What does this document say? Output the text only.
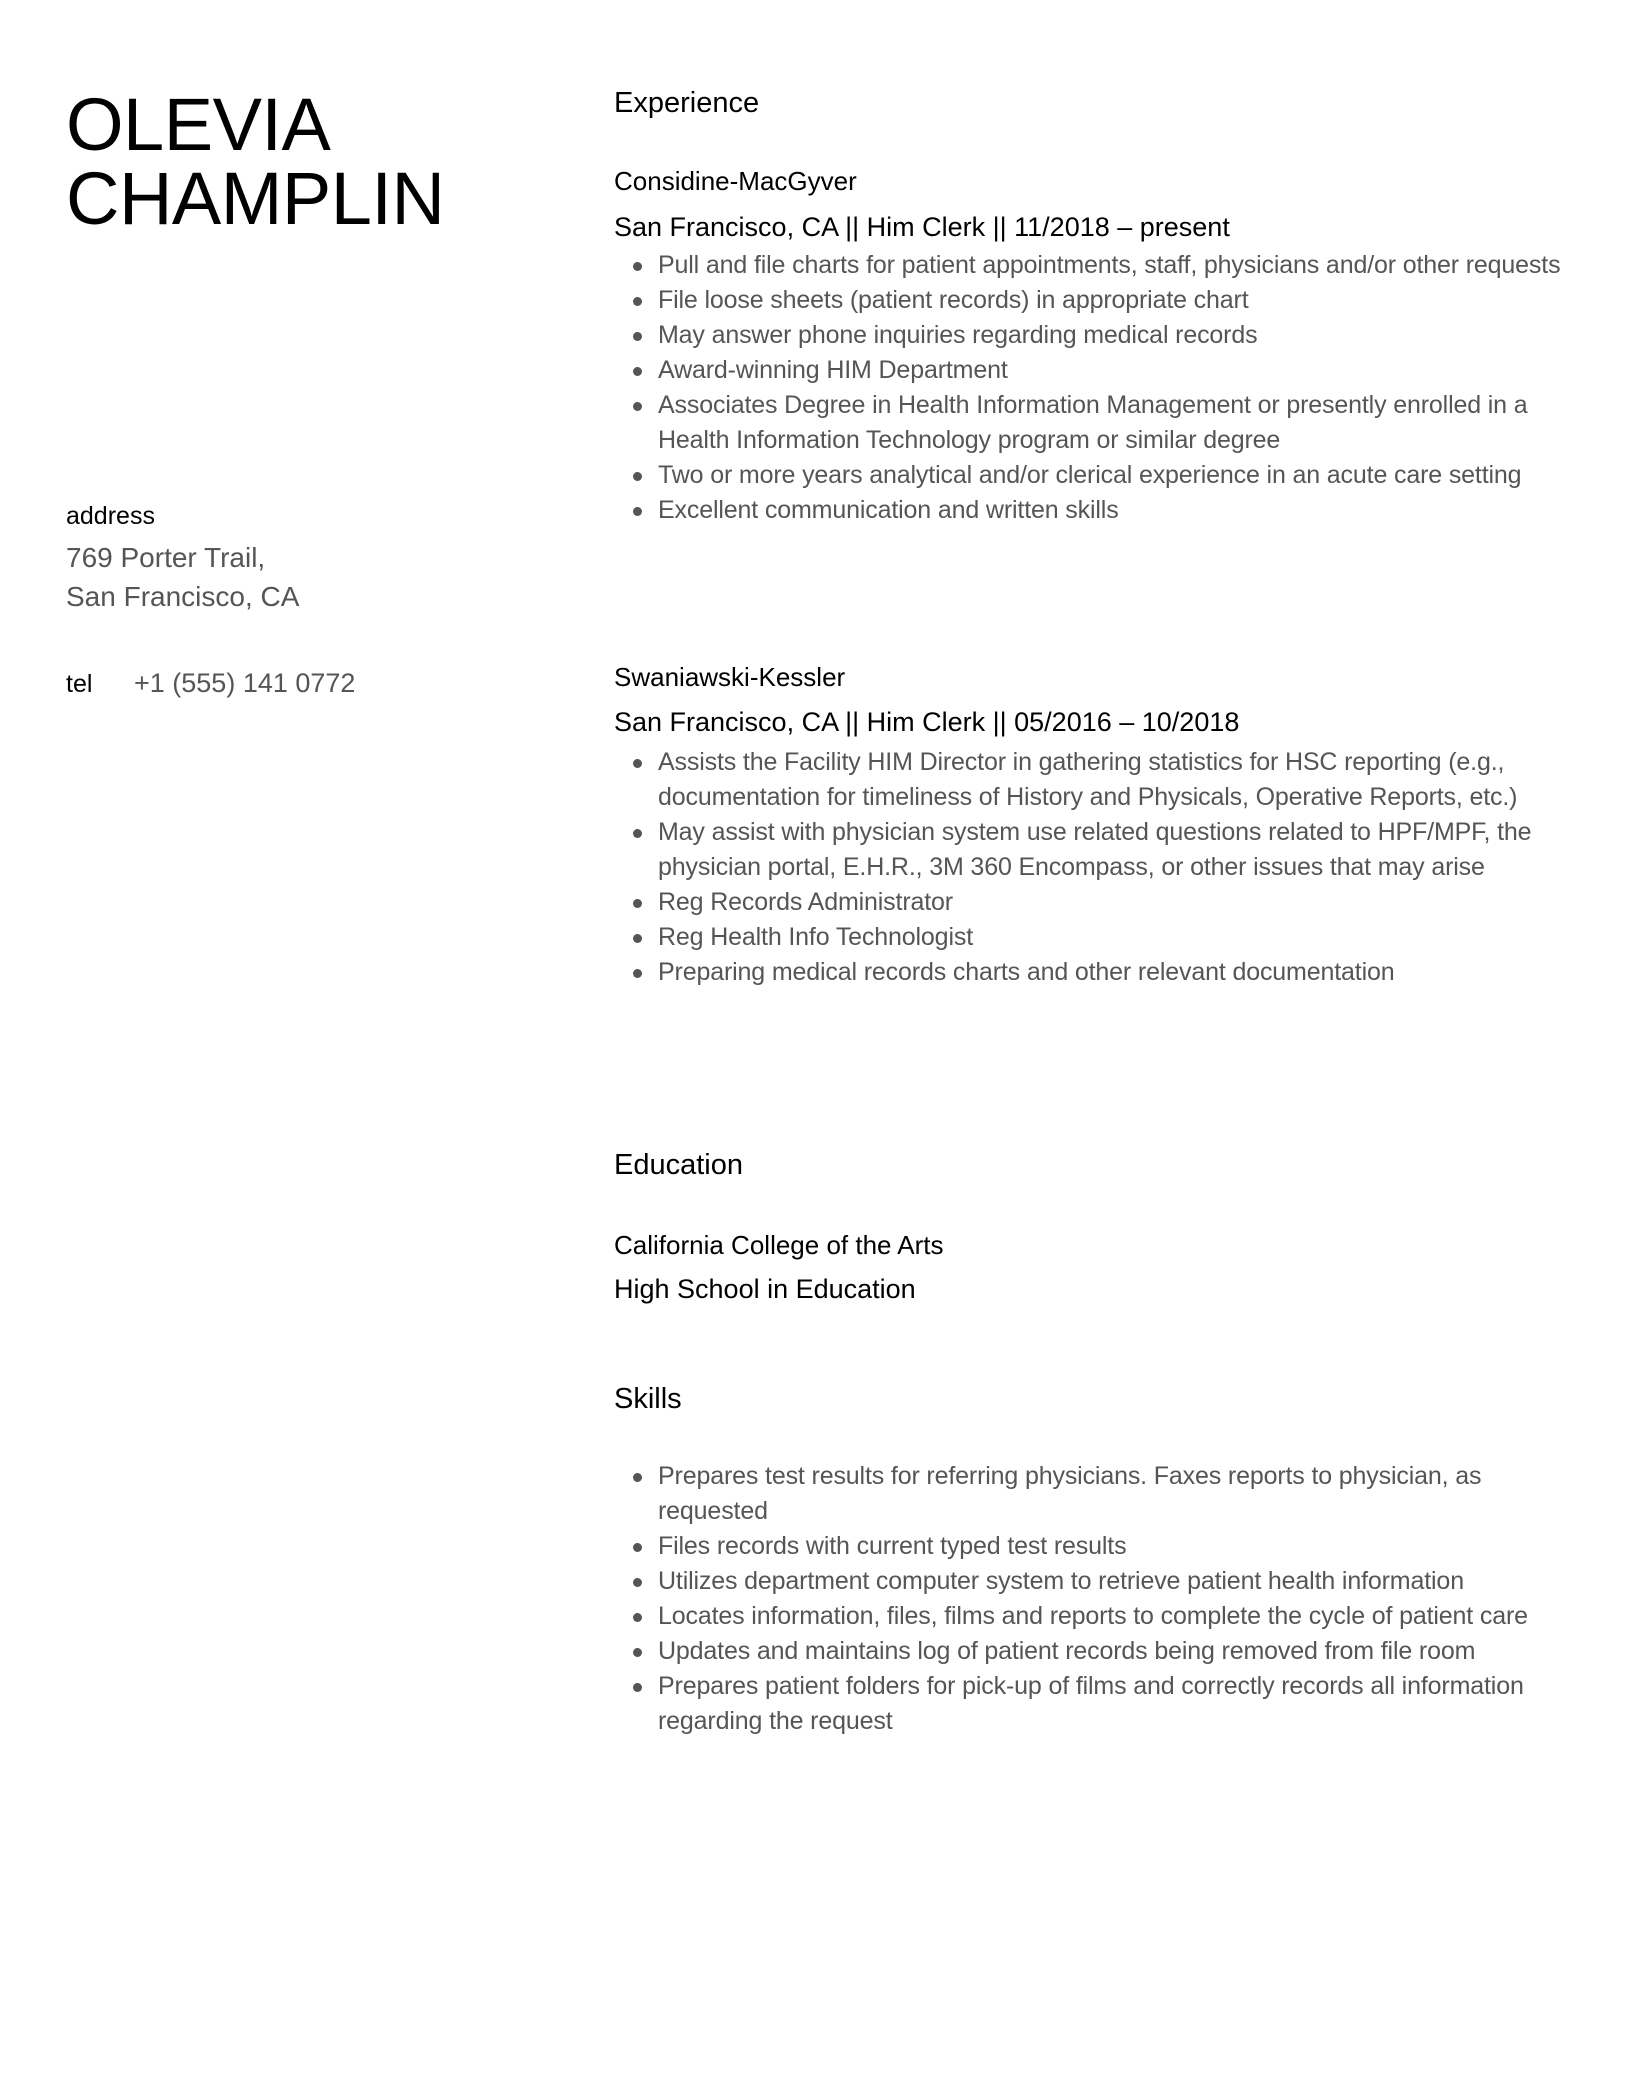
OLEVIA
CHAMPLIN
address
769 Porter Trail,
San Francisco, CA
tel +1 (555) 141 0772
Experience
Considine-MacGyver
San Francisco, CA || Him Clerk || 11/2018 – present
Pull and file charts for patient appointments, staff, physicians and/or other requests
File loose sheets (patient records) in appropriate chart
May answer phone inquiries regarding medical records
Award-winning HIM Department
Associates Degree in Health Information Management or presently enrolled in a Health Information Technology program or similar degree
Two or more years analytical and/or clerical experience in an acute care setting
Excellent communication and written skills
Swaniawski-Kessler
San Francisco, CA || Him Clerk || 05/2016 – 10/2018
Assists the Facility HIM Director in gathering statistics for HSC reporting (e.g., documentation for timeliness of History and Physicals, Operative Reports, etc.)
May assist with physician system use related questions related to HPF/MPF, the physician portal, E.H.R., 3M 360 Encompass, or other issues that may arise
Reg Records Administrator
Reg Health Info Technologist
Preparing medical records charts and other relevant documentation
Education
California College of the Arts
High School in Education
Skills
Prepares test results for referring physicians. Faxes reports to physician, as requested
Files records with current typed test results
Utilizes department computer system to retrieve patient health information
Locates information, files, films and reports to complete the cycle of patient care
Updates and maintains log of patient records being removed from file room
Prepares patient folders for pick-up of films and correctly records all information regarding the request
